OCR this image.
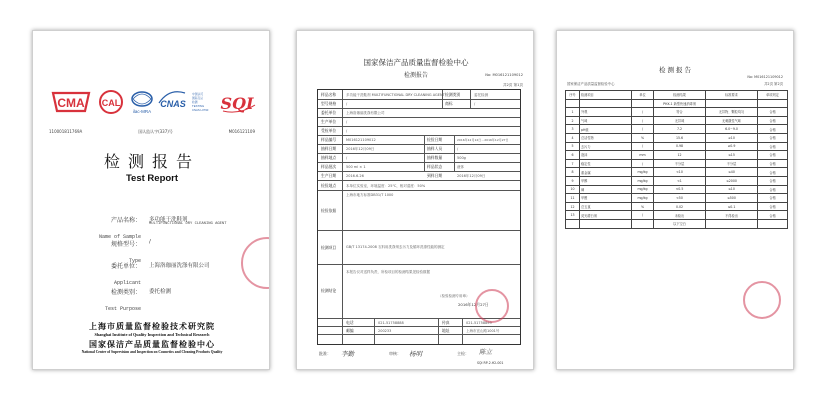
CMA CAL
ilac-MRA
CNAS
中国认可
国际互认
检测
TESTING
CNAS L0790 SQI
110001811769A	国认监认字(337)号	M016121109
检测报告
Test Report
产品名称：
Name of Sample
多功能干洗鞋剂
MULTIFUNCTIONAL DRY CLEANING AGENT
规格型号：
Type
/
委托单位：
Applicant
上海洛珈丽洗涤有限公司
检测类别：
Test Purpose
委托检测
上海市质量监督检验技术研究院
Shanghai Institute of Quality Inspection and Technical Research
国家保洁产品质量监督检验中心
National Center of Supervision and Inspection on Cosmetics and Cleaning Products Quality
国家保洁产品质量监督检验中心
检测报告	No: M016121109012
共2页 第1页
样品名称	多功能干洗鞋剂 MULTIFUNCTIONAL DRY CLEANING AGENT 检测类别	委托检测
型号规格	/	商标	/
委托单位	上海洛珈丽洗涤有限公司
生产单位	/
受检单位	/
样品编号	M016121109012	检验日期	2016年12月12日－2016年12月27日
抽样日期	2016年12月09日	抽样人员	/
抽样地点	/	抽样数量	500g
样品批次	500 ml × 1	样品状态	液体
生产日期	2016.6.26	到样日期	2016年12月09日
检验地点	本单位实验室，环境温度：25℃，相对湿度：50%
检验依据
上海市地方标准DB31/T 1000
检测项目	GB/T 13174-2008 衣料用洗涤剂去污力及循环洗涤性能的测定
检测结论
本报告仅对送样负责，所检项目的检测结果见检验数据
（检验检测专用章）
2016年12月27日
电话	021-51758888	传真	021-51758899
邮编	200233	地址	上海市宜山路1001号
批准：	审核：	主检：
李勤	杨明	陈立
SQI RP-2.H2-001
检测报告
国家保洁产品质量监督检验中心
No: M016121109012
共2页 第2页
序号	检测项目	单位	检测结果	标准要求	单项判定
			PHX-1 新型快速消毒剂		
1	外观	/	符合	无异物、颗粒均匀	合格
2	气味	/	无异味	无刺激性气味	合格
3	pH值	/	7.2	6.0~9.0	合格
4	总活性物	%	15.6	≥10	合格
5	去污力	/	0.98	≥0.9	合格
6	泡沫	mm	12	≤15	合格
7	稳定性	/	不分层	不分层	合格
8	重金属	mg/kg	<10	≤40	合格
9	甲醇	mg/kg	<1	≤2000	合格
10	砷	mg/kg	<0.5	≤10	合格
11	甲醛	mg/kg	<50	≤500	合格
12	总五氯	%	0.02	≤0.1	合格
13	荧光增白剂	/	未检出	不得检出	合格
			以下空白		
